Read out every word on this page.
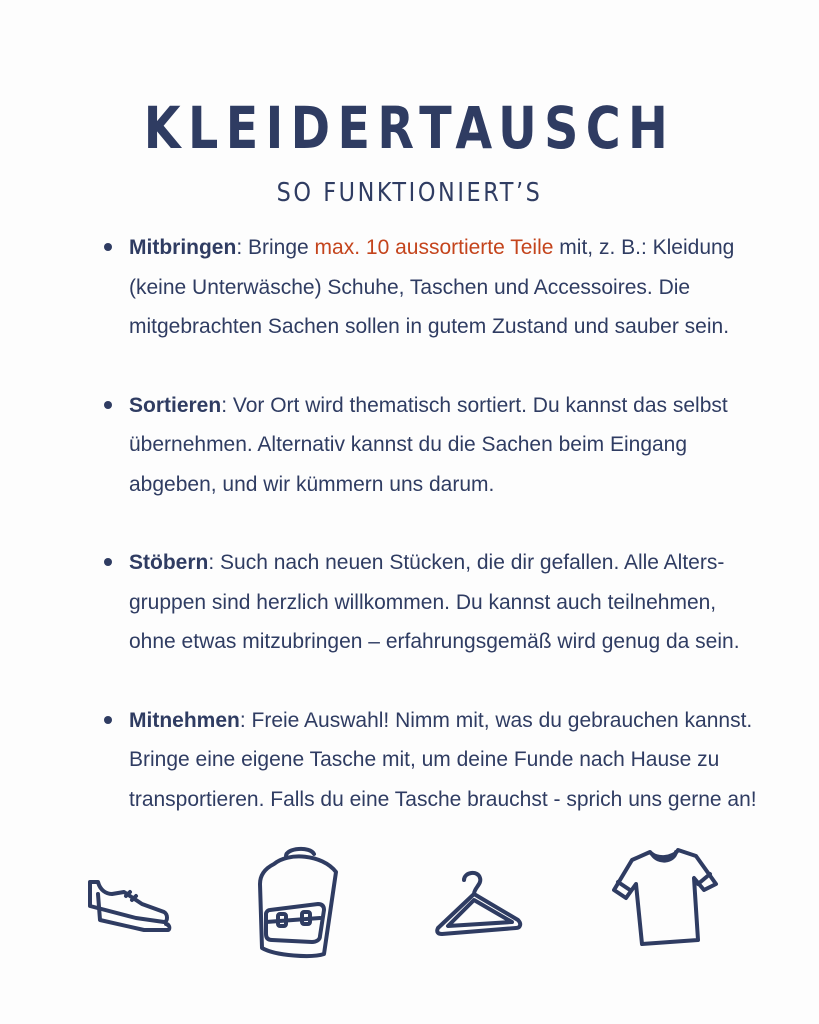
KLEIDERTAUSCH
SO FUNKTIONIERT’S
Mitbringen: Bringe max. 10 aussortierte Teile mit, z. B.: Kleidung (keine Unterwäsche) Schuhe, Taschen und Accessoires. Die mitgebrachten Sachen sollen in gutem Zustand und sauber sein.
Sortieren: Vor Ort wird thematisch sortiert. Du kannst das selbst übernehmen. Alternativ kannst du die Sachen beim Eingang abgeben, und wir kümmern uns darum.
Stöbern: Such nach neuen Stücken, die dir gefallen. Alle Alters-gruppen sind herzlich willkommen. Du kannst auch teilnehmen, ohne etwas mitzubringen – erfahrungsgemäß wird genug da sein.
Mitnehmen: Freie Auswahl! Nimm mit, was du gebrauchen kannst. Bringe eine eigene Tasche mit, um deine Funde nach Hause zu transportieren. Falls du eine Tasche brauchst - sprich uns gerne an!
